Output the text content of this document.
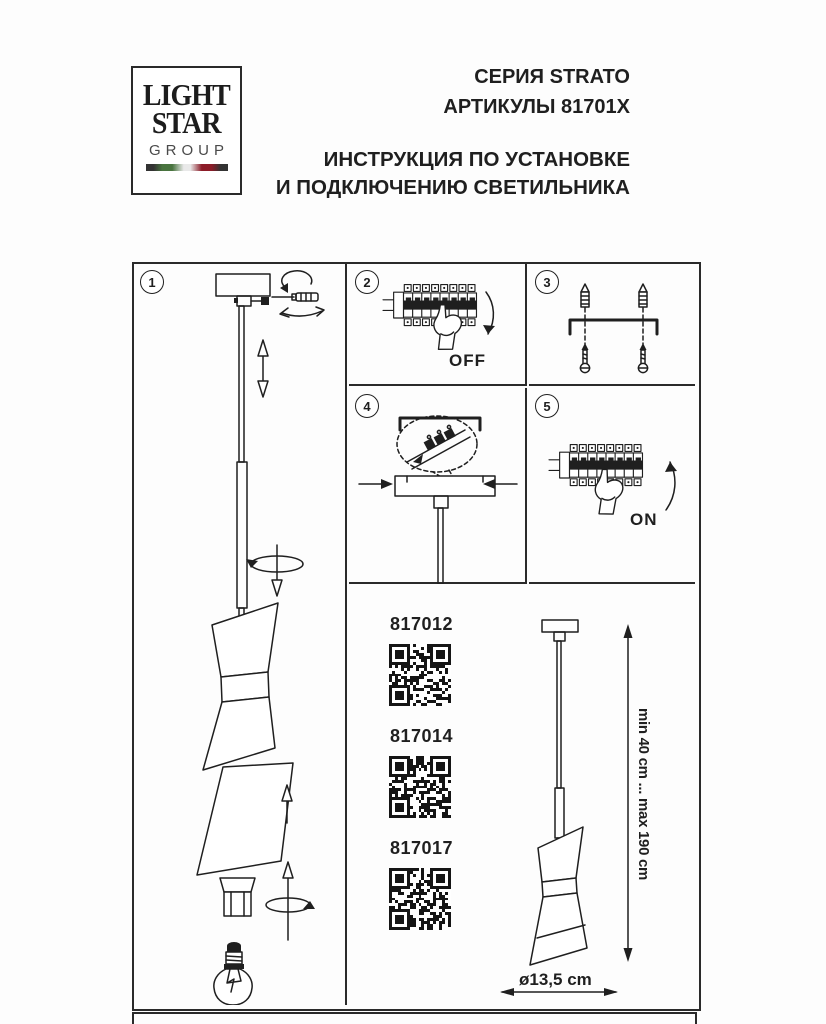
LIGHT
STAR
GROUP
СЕРИЯ STRATO
АРТИКУЛЫ 81701X
ИНСТРУКЦИЯ ПО УСТАНОВКЕ
И ПОДКЛЮЧЕНИЮ СВЕТИЛЬНИКА
1	2
OFF
3
4	5
ON
817012
817014
817017	min 40 cm ... max 190 cm
ø13,5 cm
